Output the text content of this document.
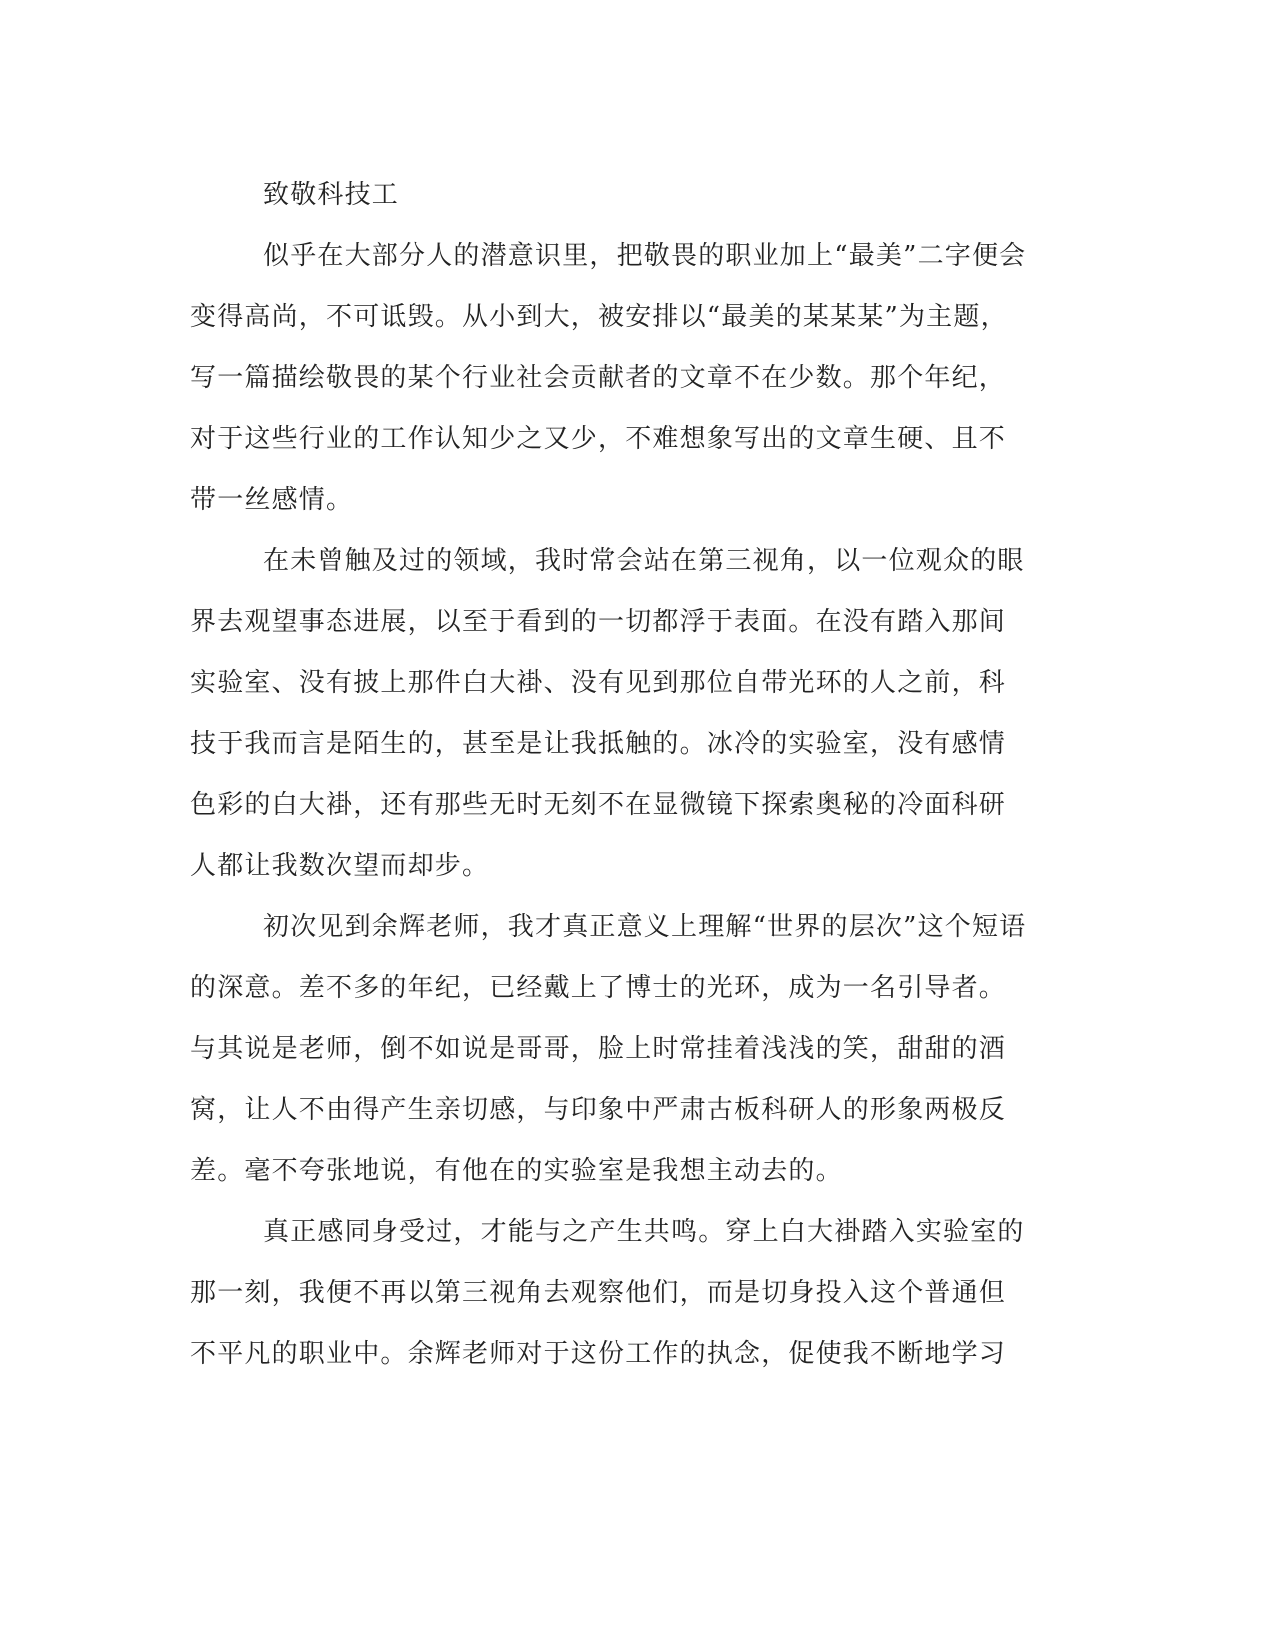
致敬科技工
似乎在大部分人的潜意识里，把敬畏的职业加上“最美”二字便会
变得高尚，不可诋毁。从小到大，被安排以“最美的某某某”为主题，
写一篇描绘敬畏的某个行业社会贡献者的文章不在少数。那个年纪，
对于这些行业的工作认知少之又少，不难想象写出的文章生硬、且不
带一丝感情。
在未曾触及过的领域，我时常会站在第三视角，以一位观众的眼
界去观望事态进展，以至于看到的一切都浮于表面。在没有踏入那间
实验室、没有披上那件白大褂、没有见到那位自带光环的人之前，科
技于我而言是陌生的，甚至是让我抵触的。冰冷的实验室，没有感情
色彩的白大褂，还有那些无时无刻不在显微镜下探索奥秘的冷面科研
人都让我数次望而却步。
初次见到余辉老师，我才真正意义上理解“世界的层次”这个短语
的深意。差不多的年纪，已经戴上了博士的光环，成为一名引导者。
与其说是老师，倒不如说是哥哥，脸上时常挂着浅浅的笑，甜甜的酒
窝，让人不由得产生亲切感，与印象中严肃古板科研人的形象两极反
差。毫不夸张地说，有他在的实验室是我想主动去的。
真正感同身受过，才能与之产生共鸣。穿上白大褂踏入实验室的
那一刻，我便不再以第三视角去观察他们，而是切身投入这个普通但
不平凡的职业中。余辉老师对于这份工作的执念，促使我不断地学习
